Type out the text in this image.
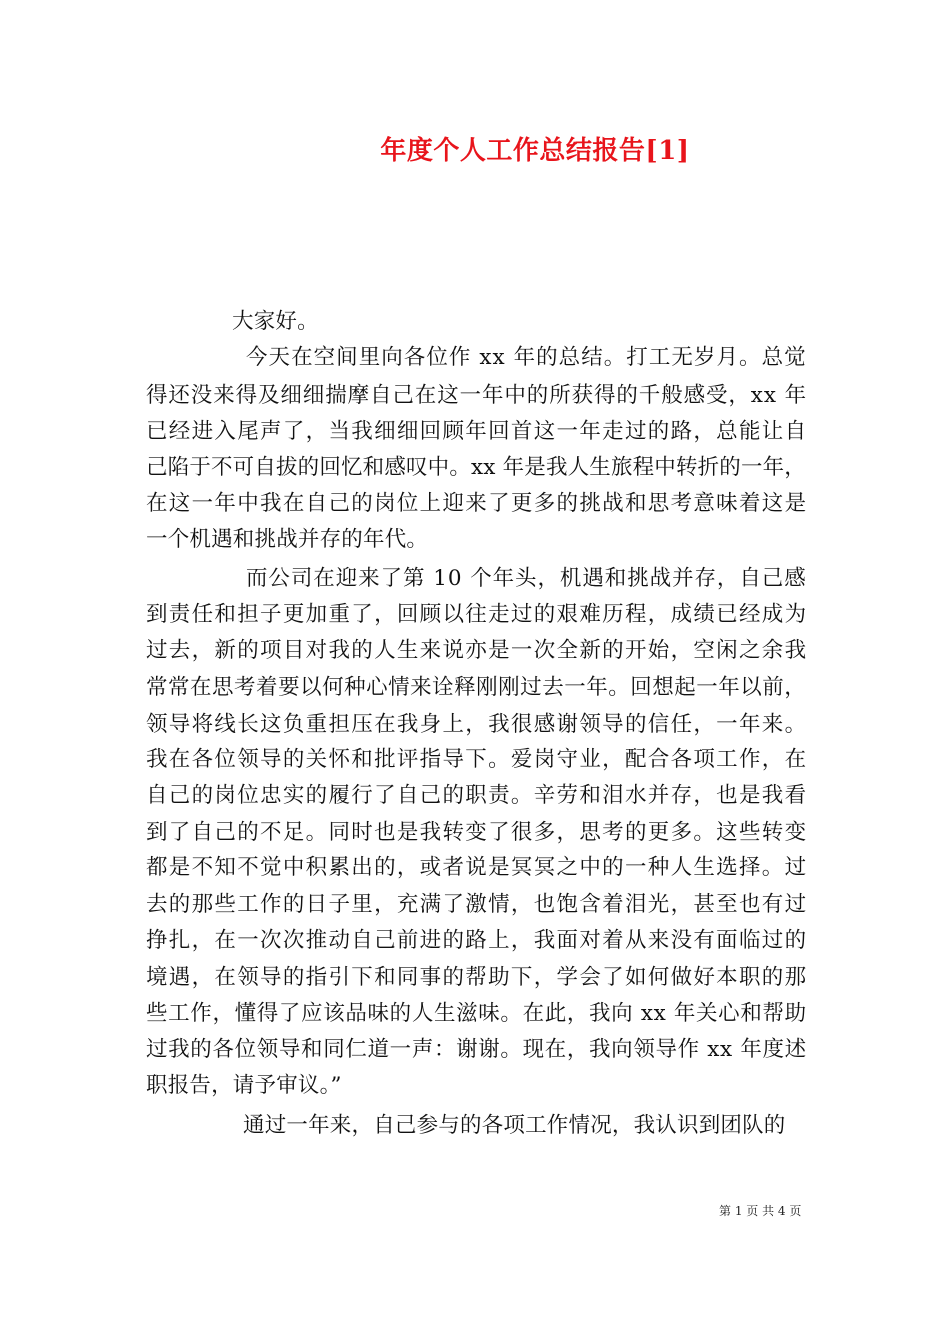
年度个人工作总结报告[1]
大家好。
今天在空间里向各位作 xx 年的总结。打工无岁月。总觉
得还没来得及细细揣摩自己在这一年中的所获得的千般感受，xx 年
已经进入尾声了，当我细细回顾年回首这一年走过的路，总能让自
己陷于不可自拔的回忆和感叹中。xx 年是我人生旅程中转折的一年，
在这一年中我在自己的岗位上迎来了更多的挑战和思考意味着这是
一个机遇和挑战并存的年代。
而公司在迎来了第 10 个年头，机遇和挑战并存，自己感
到责任和担子更加重了，回顾以往走过的艰难历程，成绩已经成为
过去，新的项目对我的人生来说亦是一次全新的开始，空闲之余我
常常在思考着要以何种心情来诠释刚刚过去一年。回想起一年以前，
领导将线长这负重担压在我身上，我很感谢领导的信任，一年来。
我在各位领导的关怀和批评指导下。爱岗守业，配合各项工作，在
自己的岗位忠实的履行了自己的职责。辛劳和泪水并存，也是我看
到了自己的不足。同时也是我转变了很多，思考的更多。这些转变
都是不知不觉中积累出的，或者说是冥冥之中的一种人生选择。过
去的那些工作的日子里，充满了激情，也饱含着泪光，甚至也有过
挣扎，在一次次推动自己前进的路上，我面对着从来没有面临过的
境遇，在领导的指引下和同事的帮助下，学会了如何做好本职的那
些工作，懂得了应该品味的人生滋味。在此，我向 xx 年关心和帮助
过我的各位领导和同仁道一声：谢谢。现在，我向领导作 xx 年度述
职报告，请予审议。”
通过一年来，自己参与的各项工作情况，我认识到团队的
第 1 页 共 4 页
